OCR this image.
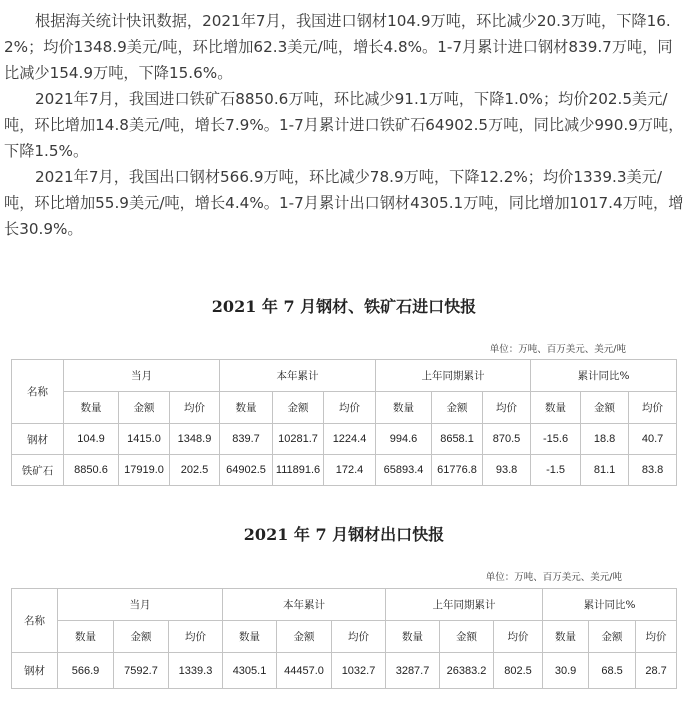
根据海关统计快讯数据，2021年7月，我国进口钢材104.9万吨，环比减少20.3万吨，下降16.2%；均价1348.9美元/吨，环比增加62.3美元/吨，增长4.8%。1-7月累计进口钢材839.7万吨，同比减少154.9万吨，下降15.6%。

2021年7月，我国进口铁矿石8850.6万吨，环比减少91.1万吨，下降1.0%；均价202.5美元/吨，环比增加14.8美元/吨，增长7.9%。1-7月累计进口铁矿石64902.5万吨，同比减少990.9万吨，下降1.5%。

2021年7月，我国出口钢材566.9万吨，环比减少78.9万吨，下降12.2%；均价1339.3美元/吨，环比增加55.9美元/吨，增长4.4%。1-7月累计出口钢材4305.1万吨，同比增加1017.4万吨，增长30.9%。

2021 年 7 月钢材、铁矿石进口快报

单位：万吨、百万美元、美元/吨

名称	当月			本年累计			上年同期累计			累计同比%		
	数量	金额	均价	数量	金额	均价	数量	金额	均价	数量	金额	均价
钢材	104.9	1415.0	1348.9	839.7	10281.7	1224.4	994.6	8658.1	870.5	-15.6	18.8	40.7
铁矿石	8850.6	17919.0	202.5	64902.5	111891.6	172.4	65893.4	61776.8	93.8	-1.5	81.1	83.8
2021 年 7 月钢材出口快报

单位：万吨、百万美元、美元/吨

名称	当月			本年累计			上年同期累计			累计同比%		
	数量	金额	均价	数量	金额	均价	数量	金额	均价	数量	金额	均价
钢材	566.9	7592.7	1339.3	4305.1	44457.0	1032.7	3287.7	26383.2	802.5	30.9	68.5	28.7
